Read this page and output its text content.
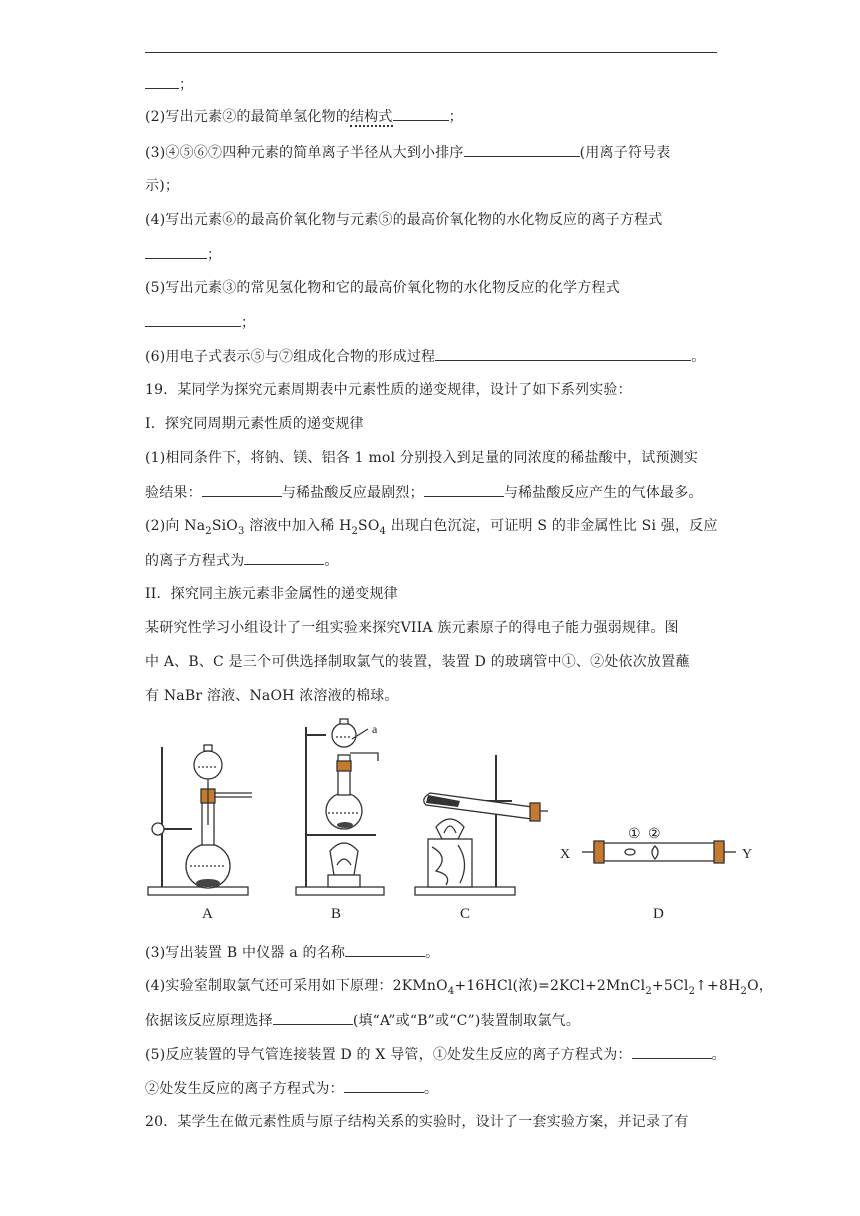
；
(2)写出元素②的最简单氢化物的结构式	；
(3)④⑤⑥⑦四种元素的简单离子半径从大到小排序	(用离子符号表
示)；
(4)写出元素⑥的最高价氧化物与元素⑤的最高价氧化物的水化物反应的离子方程式
；
(5)写出元素③的常见氢化物和它的最高价氧化物的水化物反应的化学方程式
；
(6)用电子式表示⑤与⑦组成化合物的形成过程	。
19．某同学为探究元素周期表中元素性质的递变规律，设计了如下系列实验：
I．探究同周期元素性质的递变规律
(1)相同条件下，将钠、镁、铝各 1 mol 分别投入到足量的同浓度的稀盐酸中，试预测实
验结果：	与稀盐酸反应最剧烈；	与稀盐酸反应产生的气体最多。
(2)向 $Na_2SiO_3$ 溶液中加入稀 $H_2SO_4$ 出现白色沉淀，可证明 S 的非金属性比 Si 强，反应
的离子方程式为	。
II．探究同主族元素非金属性的递变规律
某研究性学习小组设计了一组实验来探究VIIA 族元素原子的得电子能力强弱规律。图
中 A、B、C 是三个可供选择制取氯气的装置，装置 D 的玻璃管中①、②处依次放置蘸
有 NaBr 溶液、NaOH 浓溶液的棉球。
a
① ②
X	Y
A	B	C	D
(3)写出装置 B 中仪器 a 的名称	。
(4)实验室制取氯气还可采用如下原理：2KMnO$_4$+16HCl(浓)$=2KCl+2MnCl_2+5Cl_2↑+8H_2O$，
依据该反应原理选择	(填“A”或“B”或“C”)装置制取氯气。
(5)反应装置的导气管连接装置 D 的 X 导管，①处发生反应的离子方程式为：	。
②处发生反应的离子方程式为：	。
20．某学生在做元素性质与原子结构关系的实验时，设计了一套实验方案，并记录了有
